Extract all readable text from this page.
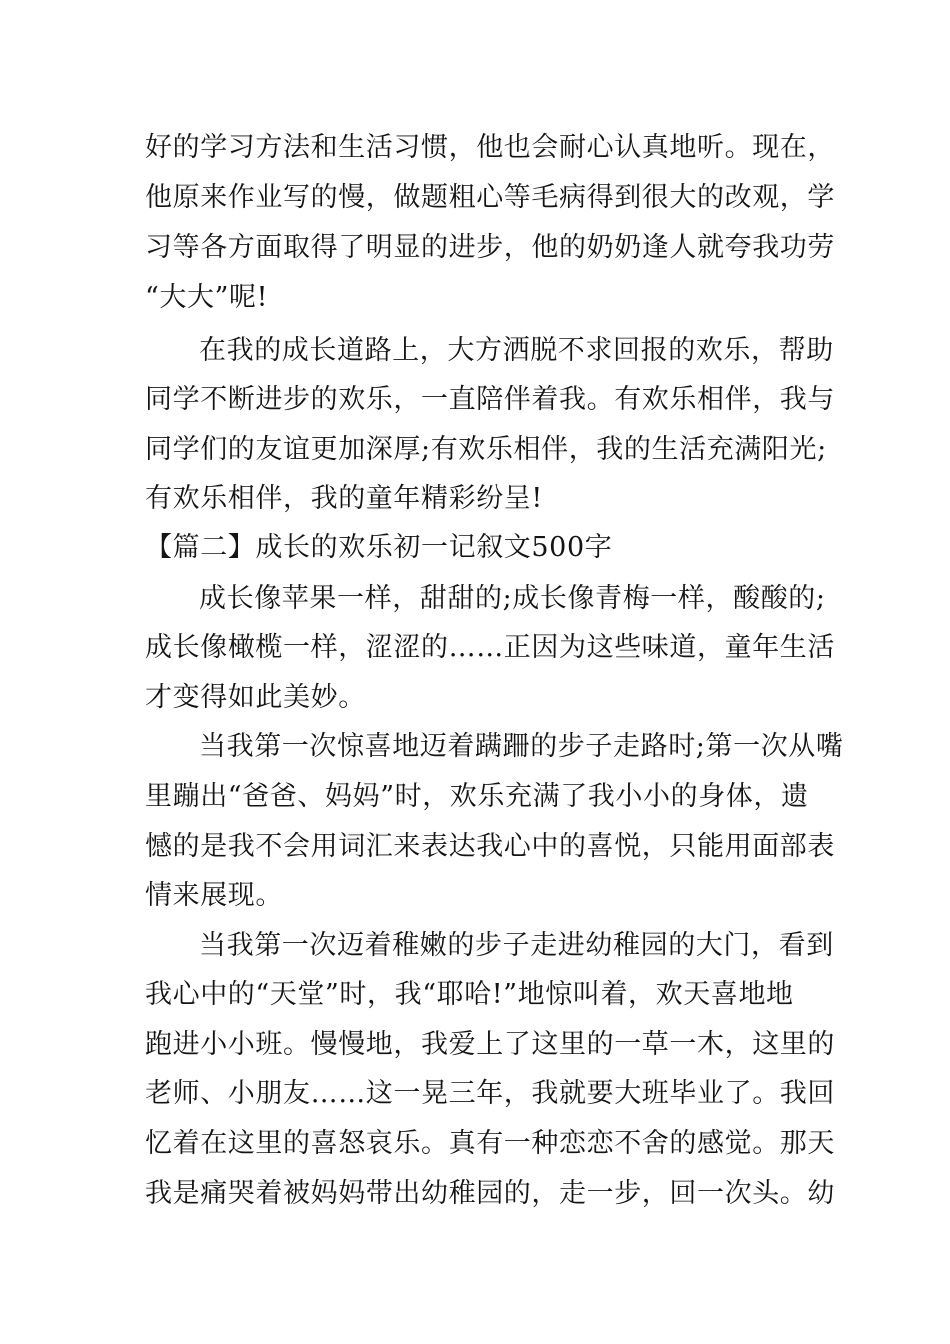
好的学习方法和生活习惯，他也会耐心认真地听。现在，
他原来作业写的慢，做题粗心等毛病得到很大的改观，学
习等各方面取得了明显的进步，他的奶奶逢人就夸我功劳
“大大”呢!
在我的成长道路上，大方洒脱不求回报的欢乐，帮助
同学不断进步的欢乐，一直陪伴着我。有欢乐相伴，我与
同学们的友谊更加深厚;有欢乐相伴，我的生活充满阳光;
有欢乐相伴，我的童年精彩纷呈!
【篇二】成长的欢乐初一记叙文500字
成长像苹果一样，甜甜的;成长像青梅一样，酸酸的;
成长像橄榄一样，涩涩的……正因为这些味道，童年生活
才变得如此美妙。
当我第一次惊喜地迈着蹒跚的步子走路时;第一次从嘴
里蹦出“爸爸、妈妈”时，欢乐充满了我小小的身体，遗
憾的是我不会用词汇来表达我心中的喜悦，只能用面部表
情来展现。
当我第一次迈着稚嫩的步子走进幼稚园的大门，看到
我心中的“天堂”时，我“耶哈!”地惊叫着，欢天喜地地
跑进小小班。慢慢地，我爱上了这里的一草一木，这里的
老师、小朋友……这一晃三年，我就要大班毕业了。我回
忆着在这里的喜怒哀乐。真有一种恋恋不舍的感觉。那天
我是痛哭着被妈妈带出幼稚园的，走一步，回一次头。幼
